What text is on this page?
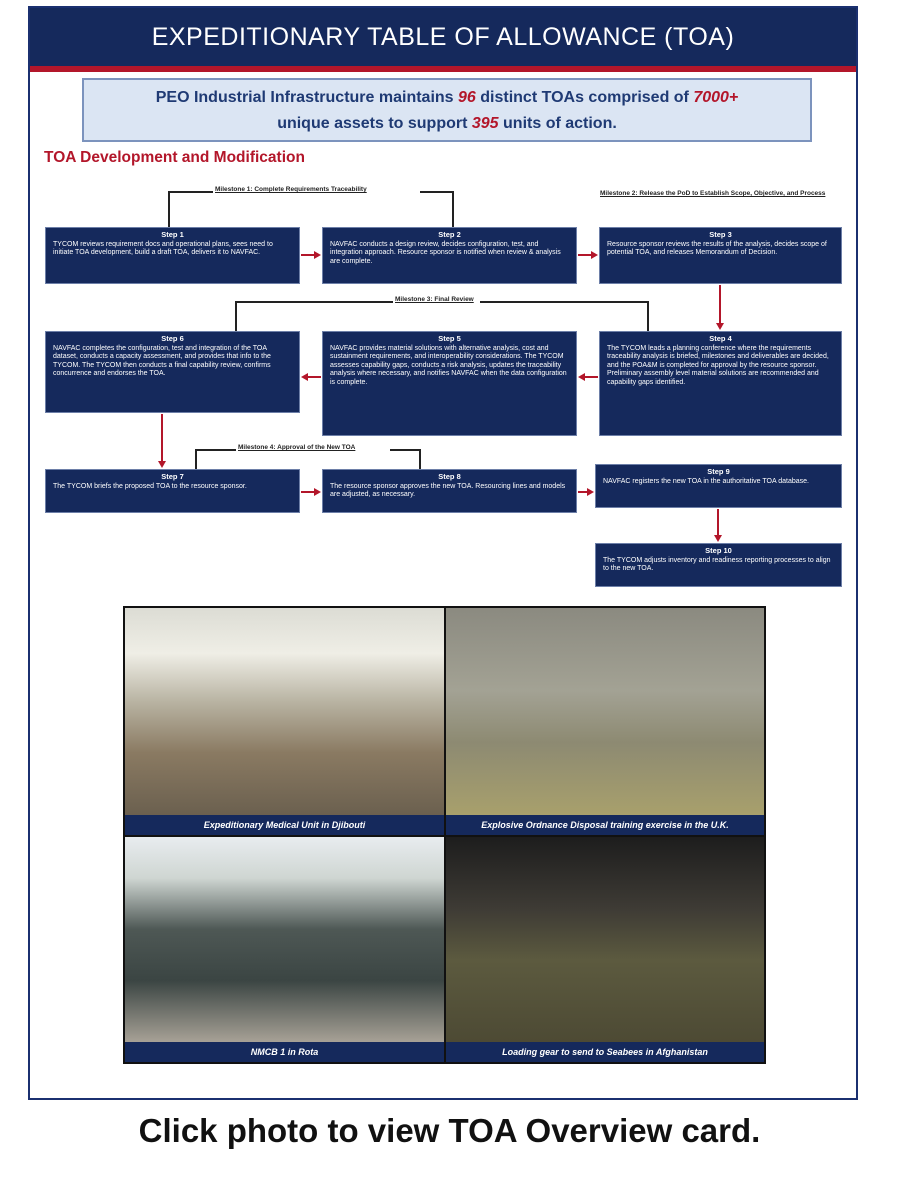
EXPEDITIONARY TABLE OF ALLOWANCE (TOA)
PEO Industrial Infrastructure maintains 96 distinct TOAs comprised of 7000+
unique assets to support 395 units of action.
TOA Development and Modification
Milestone 1: Complete Requirements Traceability
Milestone 2: Release the PoD to Establish Scope, Objective, and Process
Milestone 3: Final Review
Milestone 4: Approval of the New TOA
Step 1
TYCOM reviews requirement docs and operational plans, sees need to initiate TOA development, build a draft TOA, delivers it to NAVFAC.
Step 2
NAVFAC conducts a design review, decides configuration, test, and integration approach. Resource sponsor is notified when review & analysis are complete.
Step 3
Resource sponsor reviews the results of the analysis, decides scope of potential TOA, and releases Memorandum of Decision.
Step 4
The TYCOM leads a planning conference where the requirements traceability analysis is briefed, milestones and deliverables are decided, and the POA&M is completed for approval by the resource sponsor. Preliminary assembly level material solutions are recommended and capability gaps identified.
Step 5
NAVFAC provides material solutions with alternative analysis, cost and sustainment requirements, and interoperability considerations. The TYCOM assesses capability gaps, conducts a risk analysis, updates the traceability analysis where necessary, and notifies NAVFAC when the data configuration is complete.
Step 6
NAVFAC completes the configuration, test and integration of the TOA dataset, conducts a capacity assessment, and provides that info to the TYCOM. The TYCOM then conducts a final capability review, confirms concurrence and endorses the TOA.
Step 7
The TYCOM briefs the proposed TOA to the resource sponsor.
Step 8
The resource sponsor approves the new TOA. Resourcing lines and models are adjusted, as necessary.
Step 9
NAVFAC registers the new TOA in the authoritative TOA database.
Step 10
The TYCOM adjusts inventory and readiness reporting processes to align to the new TOA.
Expeditionary Medical Unit in Djibouti	Explosive Ordnance Disposal training exercise in the U.K.
NMCB 1 in Rota	Loading gear to send to Seabees in Afghanistan
Click photo to view TOA Overview card.
